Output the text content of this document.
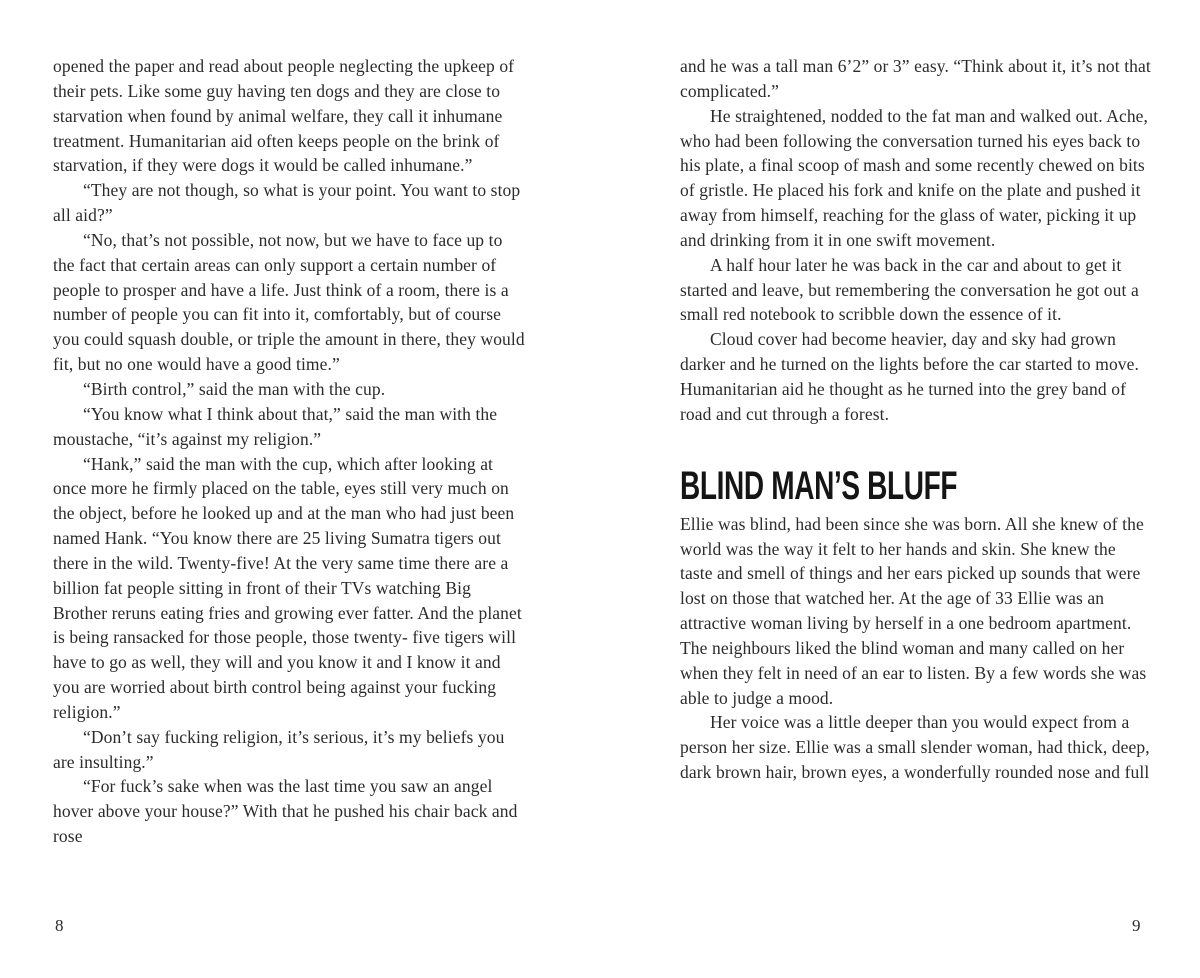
opened the paper and read about people neglecting the upkeep of their pets. Like some guy having ten dogs and they are close to starvation when found by animal welfare, they call it inhumane treatment. Humanitarian aid often keeps people on the brink of starvation, if they were dogs it would be called inhumane.”

“They are not though, so what is your point. You want to stop all aid?”

“No, that’s not possible, not now, but we have to face up to the fact that certain areas can only support a certain number of people to prosper and have a life. Just think of a room, there is a number of people you can fit into it, comfortably, but of course you could squash double, or triple the amount in there, they would fit, but no one would have a good time.”

“Birth control,” said the man with the cup.

“You know what I think about that,” said the man with the moustache, “it’s against my religion.”

“Hank,” said the man with the cup, which after looking at once more he firmly placed on the table, eyes still very much on the object, before he looked up and at the man who had just been named Hank. “You know there are 25 living Sumatra tigers out there in the wild. Twenty-five! At the very same time there are a billion fat people sitting in front of their TVs watching Big Brother reruns eating fries and growing ever fatter. And the planet is being ransacked for those people, those twenty- five tigers will have to go as well, they will and you know it and I know it and you are worried about birth control being against your fucking religion.”

“Don’t say fucking religion, it’s serious, it’s my beliefs you are insulting.”

“For fuck’s sake when was the last time you saw an angel hover above your house?” With that he pushed his chair back and rose

8

and he was a tall man 6’2” or 3” easy. “Think about it, it’s not that complicated.”

He straightened, nodded to the fat man and walked out. Ache, who had been following the conversation turned his eyes back to his plate, a final scoop of mash and some recently chewed on bits of gristle. He placed his fork and knife on the plate and pushed it away from himself, reaching for the glass of water, picking it up and drinking from it in one swift movement.

A half hour later he was back in the car and about to get it started and leave, but remembering the conversation he got out a small red notebook to scribble down the essence of it.

Cloud cover had become heavier, day and sky had grown darker and he turned on the lights before the car started to move. Humanitarian aid he thought as he turned into the grey band of road and cut through a forest.

BLIND MAN’S BLUFF

Ellie was blind, had been since she was born. All she knew of the world was the way it felt to her hands and skin. She knew the taste and smell of things and her ears picked up sounds that were lost on those that watched her. At the age of 33 Ellie was an attractive woman living by herself in a one bedroom apartment. The neighbours liked the blind woman and many called on her when they felt in need of an ear to listen. By a few words she was able to judge a mood.

Her voice was a little deeper than you would expect from a person her size. Ellie was a small slender woman, had thick, deep, dark brown hair, brown eyes, a wonderfully rounded nose and full

9
